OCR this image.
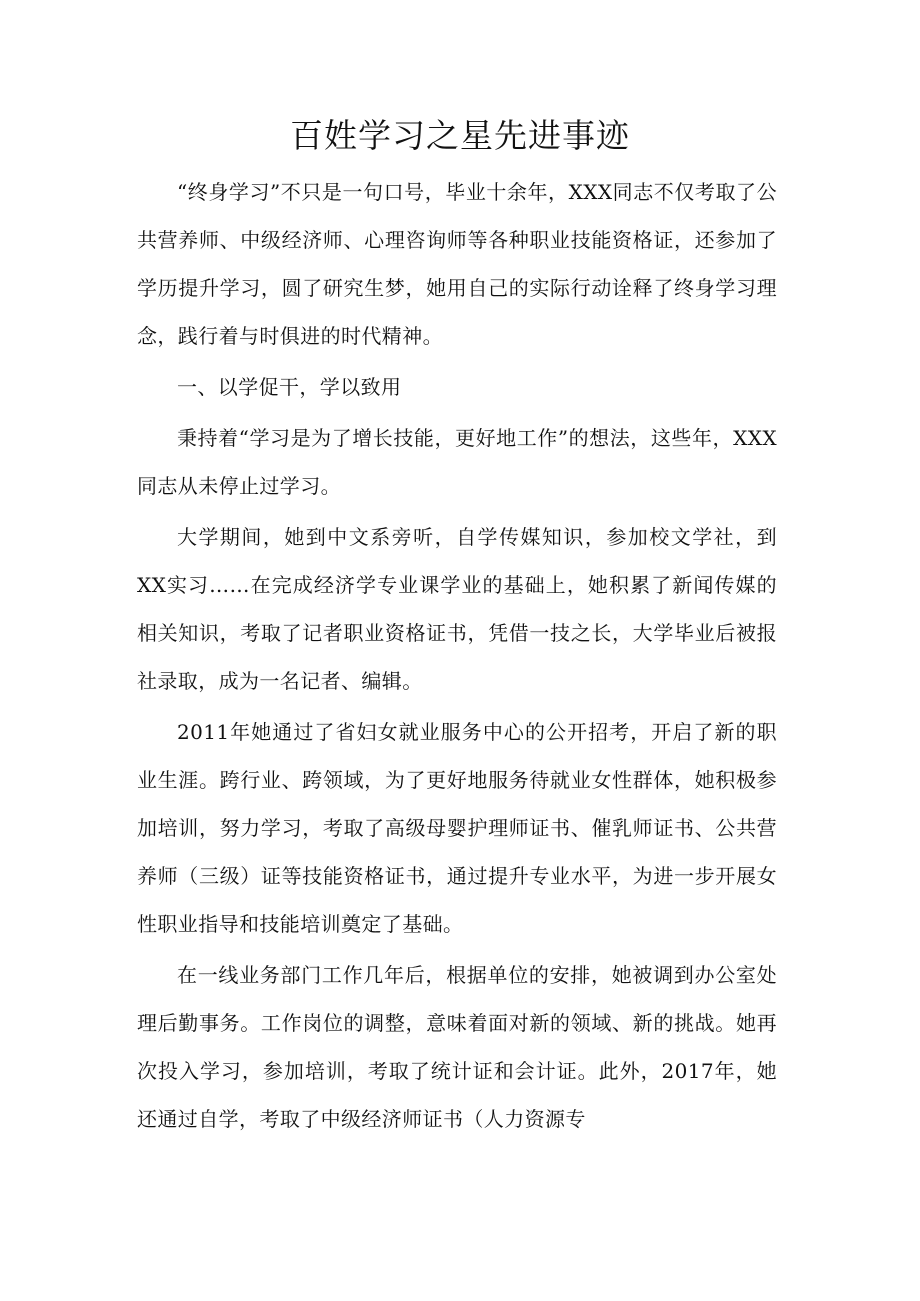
百姓学习之星先进事迹

“终身学习”不只是一句口号，毕业十余年，XXX同志不仅考取了公共营养师、中级经济师、心理咨询师等各种职业技能资格证，还参加了学历提升学习，圆了研究生梦，她用自己的实际行动诠释了终身学习理念，践行着与时俱进的时代精神。

一、以学促干，学以致用

秉持着“学习是为了增长技能，更好地工作”的想法，这些年，XXX同志从未停止过学习。

大学期间，她到中文系旁听，自学传媒知识，参加校文学社，到XX实习……在完成经济学专业课学业的基础上，她积累了新闻传媒的相关知识，考取了记者职业资格证书，凭借一技之长，大学毕业后被报社录取，成为一名记者、编辑。

2011年她通过了省妇女就业服务中心的公开招考，开启了新的职业生涯。跨行业、跨领域，为了更好地服务待就业女性群体，她积极参加培训，努力学习，考取了高级母婴护理师证书、催乳师证书、公共营养师（三级）证等技能资格证书，通过提升专业水平，为进一步开展女性职业指导和技能培训奠定了基础。

在一线业务部门工作几年后，根据单位的安排，她被调到办公室处理后勤事务。工作岗位的调整，意味着面对新的领域、新的挑战。她再次投入学习，参加培训，考取了统计证和会计证。此外，2017年，她还通过自学，考取了中级经济师证书（人力资源专
